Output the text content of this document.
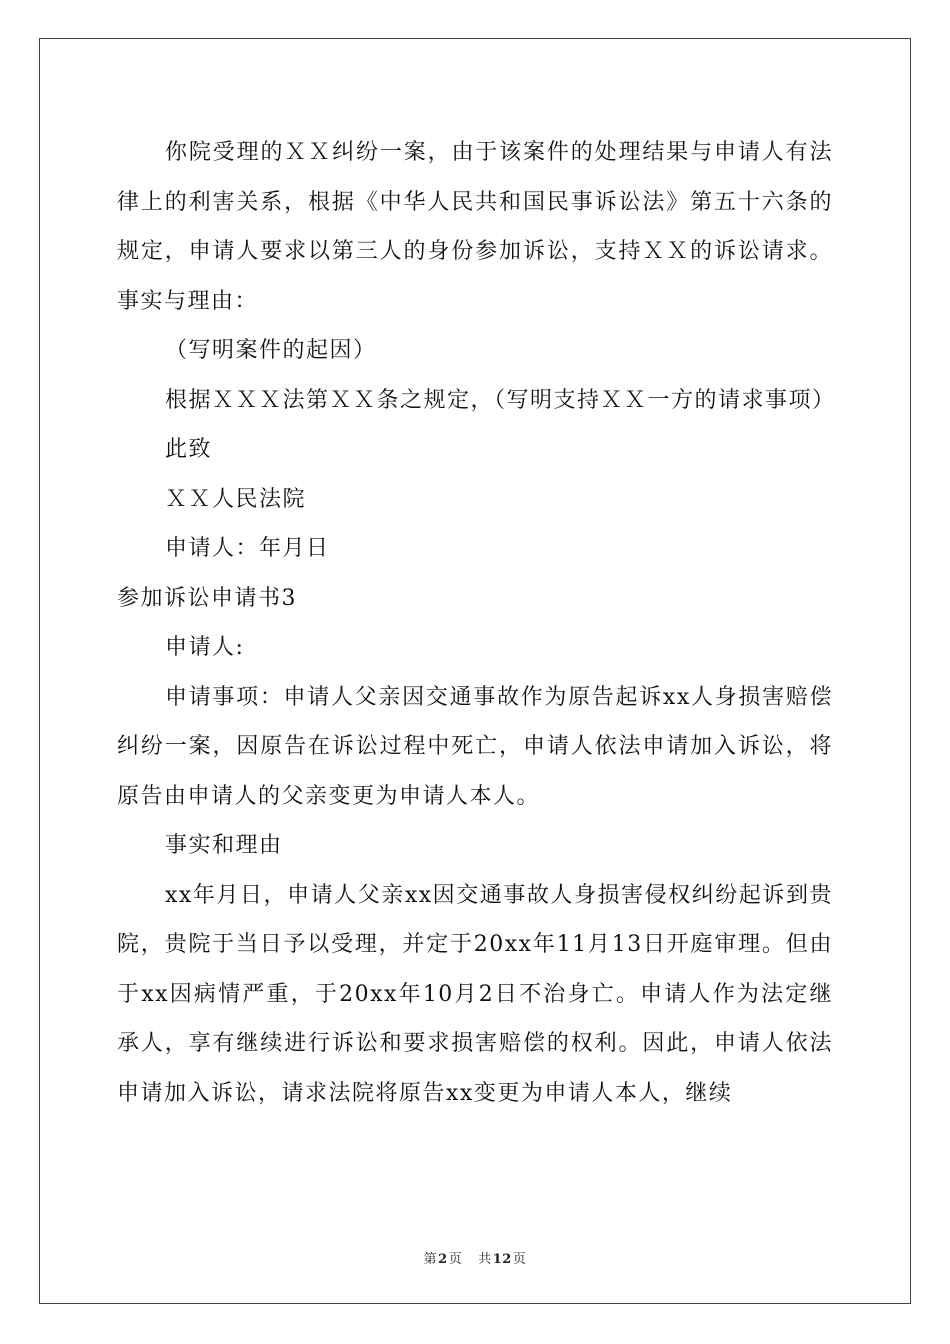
你院受理的ＸＸ纠纷一案，由于该案件的处理结果与申请人有法律上的利害关系，根据《中华人民共和国民事诉讼法》第五十六条的规定，申请人要求以第三人的身份参加诉讼，支持ＸＸ的诉讼请求。事实与理由：

（写明案件的起因）

根据ＸＸＸ法第ＸＸ条之规定，（写明支持ＸＸ一方的请求事项）

此致

ＸＸ人民法院

申请人：年月日

参加诉讼申请书3

申请人:

申请事项：申请人父亲因交通事故作为原告起诉xx人身损害赔偿纠纷一案，因原告在诉讼过程中死亡，申请人依法申请加入诉讼，将原告由申请人的父亲变更为申请人本人。

事实和理由

xx年月日，申请人父亲xx因交通事故人身损害侵权纠纷起诉到贵院，贵院于当日予以受理，并定于20xx年11月13日开庭审理。但由于xx因病情严重，于20xx年10月2日不治身亡。申请人作为法定继承人，享有继续进行诉讼和要求损害赔偿的权利。因此，申请人依法申请加入诉讼，请求法院将原告xx变更为申请人本人，继续

第2页 共12页
